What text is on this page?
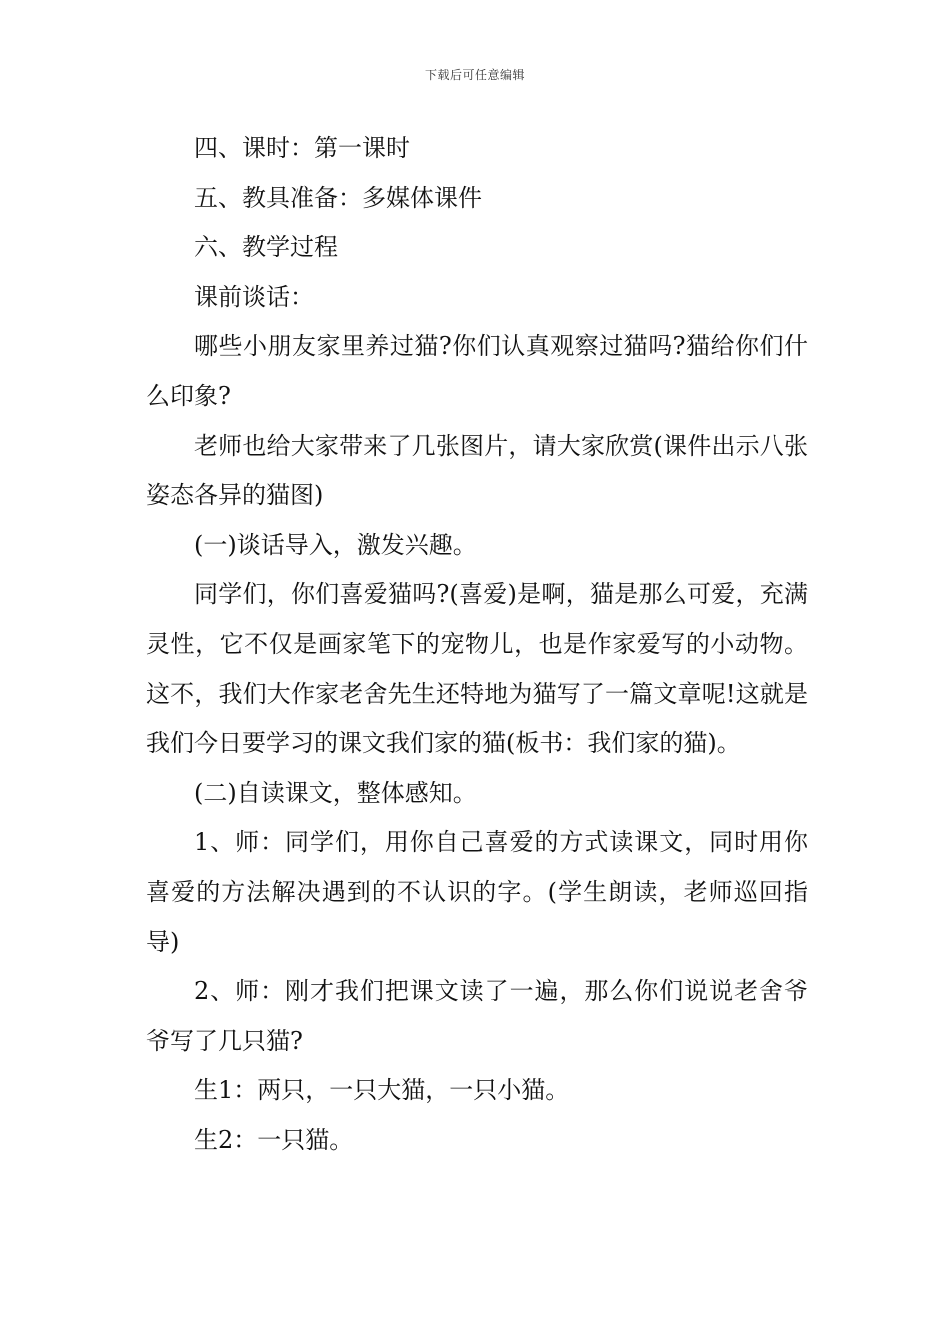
下载后可任意编辑

四、课时：第一课时

五、教具准备：多媒体课件

六、教学过程

课前谈话：

哪些小朋友家里养过猫?你们认真观察过猫吗?猫给你们什么印象?

老师也给大家带来了几张图片，请大家欣赏(课件出示八张姿态各异的猫图)

(一)谈话导入，激发兴趣。

同学们，你们喜爱猫吗?(喜爱)是啊，猫是那么可爱，充满灵性，它不仅是画家笔下的宠物儿，也是作家爱写的小动物。这不，我们大作家老舍先生还特地为猫写了一篇文章呢!这就是我们今日要学习的课文我们家的猫(板书：我们家的猫)。

(二)自读课文，整体感知。

1、师：同学们，用你自己喜爱的方式读课文，同时用你喜爱的方法解决遇到的不认识的字。(学生朗读，老师巡回指导)

2、师：刚才我们把课文读了一遍，那么你们说说老舍爷爷写了几只猫?

生1：两只，一只大猫，一只小猫。

生2：一只猫。
